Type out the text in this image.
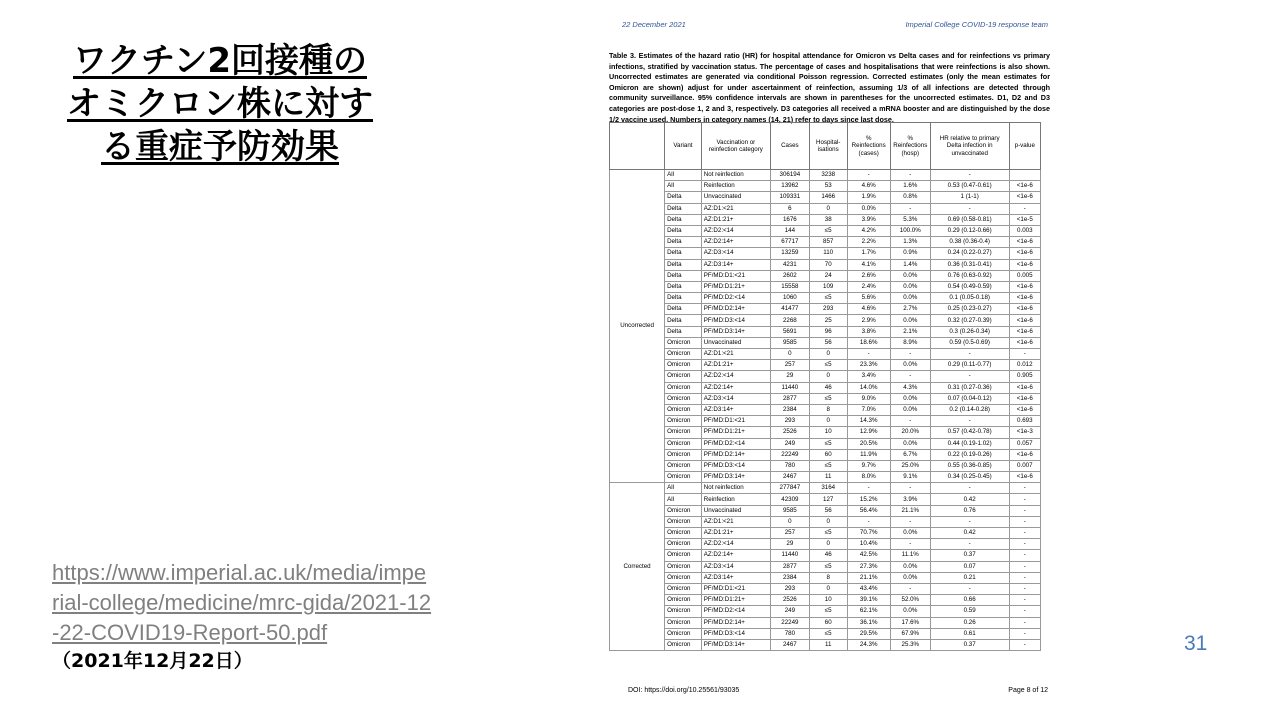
ワクチン2回接種の
オミクロン株に対す
る重症予防効果
https://www.imperial.ac.uk/media/imperial-college/medicine/mrc-gida/2021-12-22-COVID19-Report-50.pdf
（2021年12月22日）
31
22 December 2021	Imperial College COVID-19 response team
Table 3. Estimates of the hazard ratio (HR) for hospital attendance for Omicron vs Delta cases and for reinfections vs primary infections, stratified by vaccination status. The percentage of cases and hospitalisations that were reinfections is also shown. Uncorrected estimates are generated via conditional Poisson regression. Corrected estimates (only the mean estimates for Omicron are shown) adjust for under ascertainment of reinfection, assuming 1/3 of all infections are detected through community surveillance. 95% confidence intervals are shown in parentheses for the uncorrected estimates. D1, D2 and D3 categories are post-dose 1, 2 and 3, respectively. D3 categories all received a mRNA booster and are distinguished by the dose 1/2 vaccine used. Numbers in category names (14, 21) refer to days since last dose.
	Variant	Vaccination or reinfection category	Cases	Hospital-isations	% Reinfections (cases)	% Reinfections (hosp)	HR relative to primary Delta infection in unvaccinated	p-value
Uncorrected	All	Not reinfection	306194	3238	-	-	-	
	All	Reinfection	13962	53	4.6%	1.6%	0.53 (0.47-0.61)	<1e-6
	Delta	Unvaccinated	109331	1466	1.9%	0.8%	1 (1-1)	<1e-6
	Delta	AZ:D1:<21	6	0	0.0%	-	-	-
	Delta	AZ:D1:21+	1676	38	3.9%	5.3%	0.69 (0.58-0.81)	<1e-5
	Delta	AZ:D2:<14	144	≤5	4.2%	100.0%	0.29 (0.12-0.66)	0.003
	Delta	AZ:D2:14+	67717	857	2.2%	1.3%	0.38 (0.36-0.4)	<1e-6
	Delta	AZ:D3:<14	13259	110	1.7%	0.9%	0.24 (0.22-0.27)	<1e-6
	Delta	AZ:D3:14+	4231	70	4.1%	1.4%	0.36 (0.31-0.41)	<1e-6
	Delta	PF/MD:D1:<21	2602	24	2.6%	0.0%	0.76 (0.63-0.92)	0.005
	Delta	PF/MD:D1:21+	15558	109	2.4%	0.0%	0.54 (0.49-0.59)	<1e-6
	Delta	PF/MD:D2:<14	1060	≤5	5.6%	0.0%	0.1 (0.05-0.18)	<1e-6
	Delta	PF/MD:D2:14+	41477	293	4.6%	2.7%	0.25 (0.23-0.27)	<1e-6
	Delta	PF/MD:D3:<14	2268	25	2.9%	0.0%	0.32 (0.27-0.39)	<1e-6
	Delta	PF/MD:D3:14+	5691	96	3.8%	2.1%	0.3 (0.26-0.34)	<1e-6
	Omicron	Unvaccinated	9585	56	18.6%	8.9%	0.59 (0.5-0.69)	<1e-6
	Omicron	AZ:D1:<21	0	0	-	-	-	-
	Omicron	AZ:D1:21+	257	≤5	23.3%	0.0%	0.29 (0.11-0.77)	0.012
	Omicron	AZ:D2:<14	29	0	3.4%	-	-	0.905
	Omicron	AZ:D2:14+	11440	46	14.0%	4.3%	0.31 (0.27-0.36)	<1e-6
	Omicron	AZ:D3:<14	2877	≤5	9.0%	0.0%	0.07 (0.04-0.12)	<1e-6
	Omicron	AZ:D3:14+	2384	8	7.0%	0.0%	0.2 (0.14-0.28)	<1e-6
	Omicron	PF/MD:D1:<21	293	0	14.3%	-	-	0.693
	Omicron	PF/MD:D1:21+	2526	10	12.9%	20.0%	0.57 (0.42-0.78)	<1e-3
	Omicron	PF/MD:D2:<14	249	≤5	20.5%	0.0%	0.44 (0.19-1.02)	0.057
	Omicron	PF/MD:D2:14+	22249	60	11.9%	6.7%	0.22 (0.19-0.26)	<1e-6
	Omicron	PF/MD:D3:<14	780	≤5	9.7%	25.0%	0.55 (0.36-0.85)	0.007
	Omicron	PF/MD:D3:14+	2467	11	8.0%	9.1%	0.34 (0.25-0.45)	<1e-6
Corrected	All	Not reinfection	277847	3164	-	-	-	-
	All	Reinfection	42309	127	15.2%	3.9%	0.42	-
	Omicron	Unvaccinated	9585	56	56.4%	21.1%	0.76	-
	Omicron	AZ:D1:<21	0	0	-	-	-	-
	Omicron	AZ:D1:21+	257	≤5	70.7%	0.0%	0.42	-
	Omicron	AZ:D2:<14	29	0	10.4%	-	-	-
	Omicron	AZ:D2:14+	11440	46	42.5%	11.1%	0.37	-
	Omicron	AZ:D3:<14	2877	≤5	27.3%	0.0%	0.07	-
	Omicron	AZ:D3:14+	2384	8	21.1%	0.0%	0.21	-
	Omicron	PF/MD:D1:<21	293	0	43.4%	-	-	-
	Omicron	PF/MD:D1:21+	2526	10	39.1%	52.0%	0.66	-
	Omicron	PF/MD:D2:<14	249	≤5	62.1%	0.0%	0.59	-
	Omicron	PF/MD:D2:14+	22249	60	36.1%	17.6%	0.26	-
	Omicron	PF/MD:D3:<14	780	≤5	29.5%	67.9%	0.61	-
	Omicron	PF/MD:D3:14+	2467	11	24.3%	25.3%	0.37	-
DOI: https://doi.org/10.25561/93035	Page 8 of 12
